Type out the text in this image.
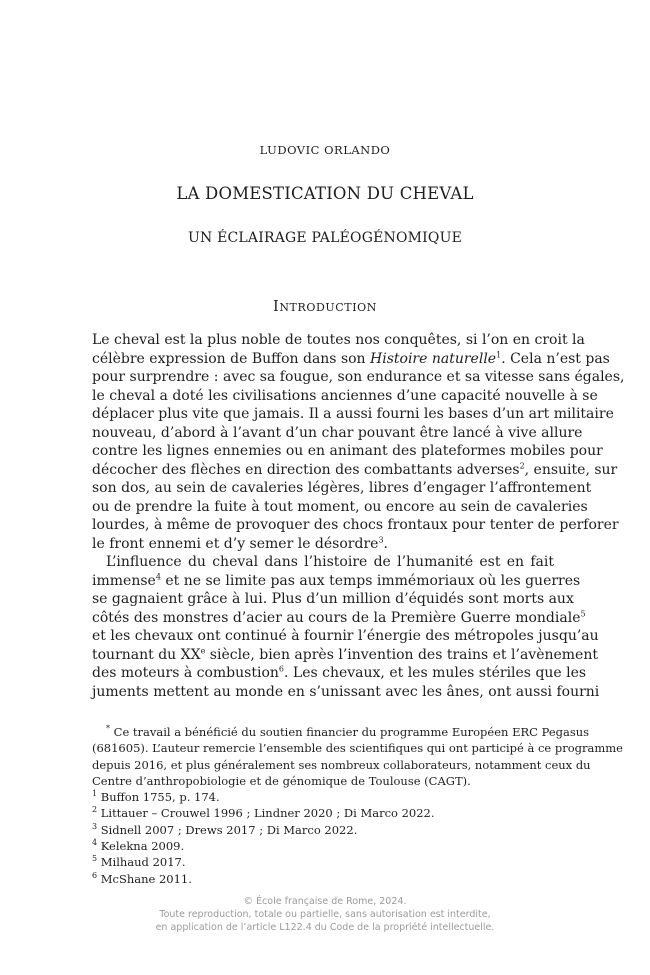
LUDOVIC ORLANDO
LA DOMESTICATION DU CHEVAL
UN ÉCLAIRAGE PALÉOGÉNOMIQUE
INTRODUCTION
Le cheval est la plus noble de toutes nos conquêtes, si l’on en croit la
célèbre expression de Buffon dans son Histoire naturelle$^1$. Cela n’est pas
pour surprendre : avec sa fougue, son endurance et sa vitesse sans égales,
le cheval a doté les civilisations anciennes d’une capacité nouvelle à se
déplacer plus vite que jamais. Il a aussi fourni les bases d’un art militaire
nouveau, d’abord à l’avant d’un char pouvant être lancé à vive allure
contre les lignes ennemies ou en animant des plateformes mobiles pour
décocher des flèches en direction des combattants adverses$^2$, ensuite, sur
son dos, au sein de cavaleries légères, libres d’engager l’affrontement
ou de prendre la fuite à tout moment, ou encore au sein de cavaleries
lourdes, à même de provoquer des chocs frontaux pour tenter de perforer
le front ennemi et d’y semer le désordre$^3$.
L’influence du cheval dans l’histoire de l’humanité est en fait
immense$^4$ et ne se limite pas aux temps immémoriaux où les guerres
se gagnaient grâce à lui. Plus d’un million d’équidés sont morts aux
côtés des monstres d’acier au cours de la Première Guerre mondiale$^5$
et les chevaux ont continué à fournir l’énergie des métropoles jusqu’au
tournant du XXe siècle, bien après l’invention des trains et l’avènement
des moteurs à combustion$^6$. Les chevaux, et les mules stériles que les
juments mettent au monde en s’unissant avec les ânes, ont aussi fourni
* Ce travail a bénéficié du soutien financier du programme Européen ERC Pegasus
(681605). L’auteur remercie l’ensemble des scientifiques qui ont participé à ce programme
depuis 2016, et plus généralement ses nombreux collaborateurs, notamment ceux du
Centre d’anthropobiologie et de génomique de Toulouse (CAGT).
$^1$ Buffon 1755, p. 174.
$^2$ Littauer – Crouwel 1996 ; Lindner 2020 ; Di Marco 2022.
$^3$ Sidnell 2007 ; Drews 2017 ; Di Marco 2022.
$^4$ Kelekna 2009.
$^5$ Milhaud 2017.
$^6$ McShane 2011.
© École française de Rome, 2024.
Toute reproduction, totale ou partielle, sans autorisation est interdite,
en application de l’article L122.4 du Code de la propriété intellectuelle.
